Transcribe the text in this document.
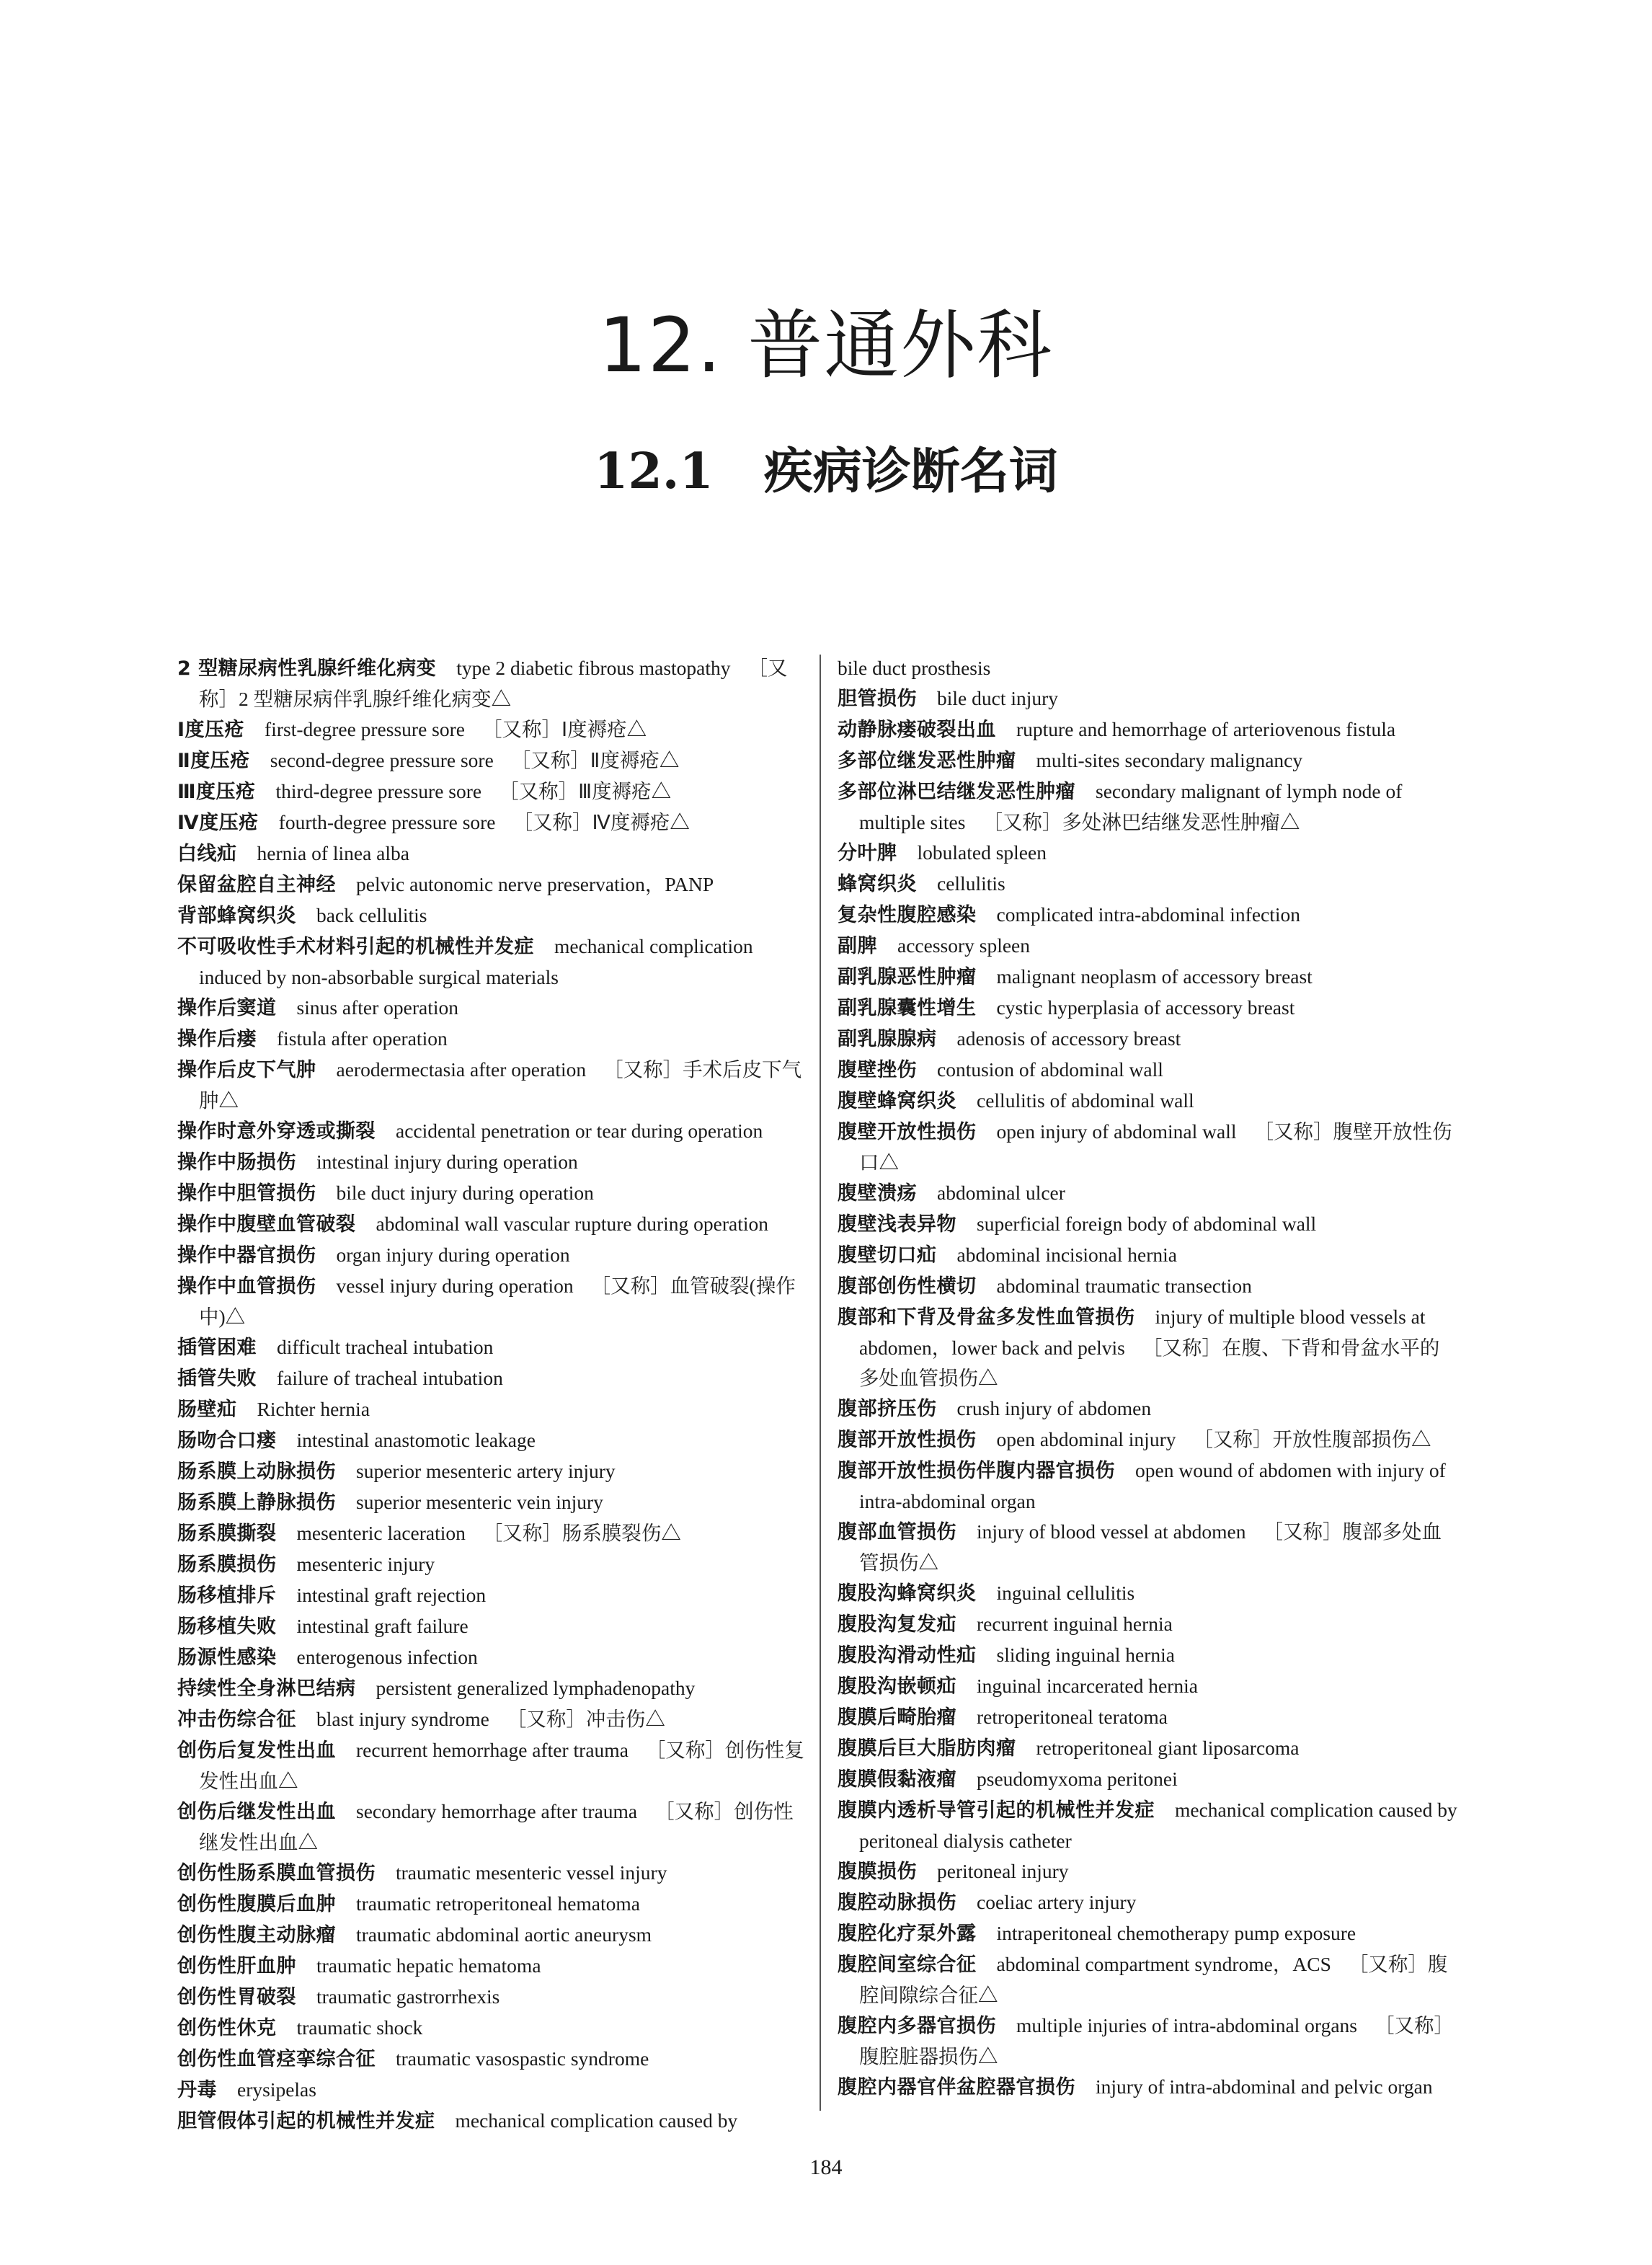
12. 普通外科
12.1 疾病诊断名词
2 型糖尿病性乳腺纤维化病变 type 2 diabetic fibrous mastopathy ［又称］2 型糖尿病伴乳腺纤维化病变△
Ⅰ度压疮 first-degree pressure sore ［又称］Ⅰ度褥疮△
Ⅱ度压疮 second-degree pressure sore ［又称］Ⅱ度褥疮△
Ⅲ度压疮 third-degree pressure sore ［又称］Ⅲ度褥疮△
Ⅳ度压疮 fourth-degree pressure sore ［又称］Ⅳ度褥疮△
白线疝 hernia of linea alba
保留盆腔自主神经 pelvic autonomic nerve preservation，PANP
背部蜂窝织炎 back cellulitis
不可吸收性手术材料引起的机械性并发症 mechanical complication induced by non-absorbable surgical materials
操作后窦道 sinus after operation
操作后瘘 fistula after operation
操作后皮下气肿 aerodermectasia after operation ［又称］手术后皮下气肿△
操作时意外穿透或撕裂 accidental penetration or tear during operation
操作中肠损伤 intestinal injury during operation
操作中胆管损伤 bile duct injury during operation
操作中腹壁血管破裂 abdominal wall vascular rupture during operation
操作中器官损伤 organ injury during operation
操作中血管损伤 vessel injury during operation ［又称］血管破裂(操作中)△
插管困难 difficult tracheal intubation
插管失败 failure of tracheal intubation
肠壁疝 Richter hernia
肠吻合口瘘 intestinal anastomotic leakage
肠系膜上动脉损伤 superior mesenteric artery injury
肠系膜上静脉损伤 superior mesenteric vein injury
肠系膜撕裂 mesenteric laceration ［又称］肠系膜裂伤△
肠系膜损伤 mesenteric injury
肠移植排斥 intestinal graft rejection
肠移植失败 intestinal graft failure
肠源性感染 enterogenous infection
持续性全身淋巴结病 persistent generalized lymphadenopathy
冲击伤综合征 blast injury syndrome ［又称］冲击伤△
创伤后复发性出血 recurrent hemorrhage after trauma ［又称］创伤性复发性出血△
创伤后继发性出血 secondary hemorrhage after trauma ［又称］创伤性继发性出血△
创伤性肠系膜血管损伤 traumatic mesenteric vessel injury
创伤性腹膜后血肿 traumatic retroperitoneal hematoma
创伤性腹主动脉瘤 traumatic abdominal aortic aneurysm
创伤性肝血肿 traumatic hepatic hematoma
创伤性胃破裂 traumatic gastrorrhexis
创伤性休克 traumatic shock
创伤性血管痉挛综合征 traumatic vasospastic syndrome
丹毒 erysipelas
胆管假体引起的机械性并发症 mechanical complication caused by
bile duct prosthesis
胆管损伤 bile duct injury
动静脉瘘破裂出血 rupture and hemorrhage of arteriovenous fistula
多部位继发恶性肿瘤 multi-sites secondary malignancy
多部位淋巴结继发恶性肿瘤 secondary malignant of lymph node of multiple sites ［又称］多处淋巴结继发恶性肿瘤△
分叶脾 lobulated spleen
蜂窝织炎 cellulitis
复杂性腹腔感染 complicated intra-abdominal infection
副脾 accessory spleen
副乳腺恶性肿瘤 malignant neoplasm of accessory breast
副乳腺囊性增生 cystic hyperplasia of accessory breast
副乳腺腺病 adenosis of accessory breast
腹壁挫伤 contusion of abdominal wall
腹壁蜂窝织炎 cellulitis of abdominal wall
腹壁开放性损伤 open injury of abdominal wall ［又称］腹壁开放性伤口△
腹壁溃疡 abdominal ulcer
腹壁浅表异物 superficial foreign body of abdominal wall
腹壁切口疝 abdominal incisional hernia
腹部创伤性横切 abdominal traumatic transection
腹部和下背及骨盆多发性血管损伤 injury of multiple blood vessels at abdomen，lower back and pelvis ［又称］在腹、下背和骨盆水平的多处血管损伤△
腹部挤压伤 crush injury of abdomen
腹部开放性损伤 open abdominal injury ［又称］开放性腹部损伤△
腹部开放性损伤伴腹内器官损伤 open wound of abdomen with injury of intra-abdominal organ
腹部血管损伤 injury of blood vessel at abdomen ［又称］腹部多处血管损伤△
腹股沟蜂窝织炎 inguinal cellulitis
腹股沟复发疝 recurrent inguinal hernia
腹股沟滑动性疝 sliding inguinal hernia
腹股沟嵌顿疝 inguinal incarcerated hernia
腹膜后畸胎瘤 retroperitoneal teratoma
腹膜后巨大脂肪肉瘤 retroperitoneal giant liposarcoma
腹膜假黏液瘤 pseudomyxoma peritonei
腹膜内透析导管引起的机械性并发症 mechanical complication caused by peritoneal dialysis catheter
腹膜损伤 peritoneal injury
腹腔动脉损伤 coeliac artery injury
腹腔化疗泵外露 intraperitoneal chemotherapy pump exposure
腹腔间室综合征 abdominal compartment syndrome，ACS ［又称］腹腔间隙综合征△
腹腔内多器官损伤 multiple injuries of intra-abdominal organs ［又称］腹腔脏器损伤△
腹腔内器官伴盆腔器官损伤 injury of intra-abdominal and pelvic organ
184
